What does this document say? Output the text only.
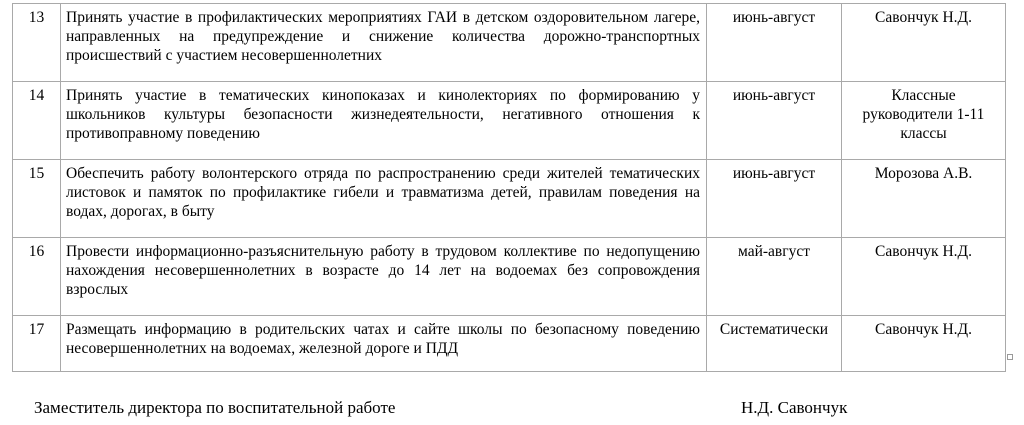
13	Принять участие в профилактических мероприятиях ГАИ в детском оздоровительном лагере, направленных на предупреждение и снижение количества дорожно-транспортных происшествий с участием несовершеннолетних	июнь-август	Савончук Н.Д.
14	Принять участие в тематических кинопоказах и кинолекториях по формированию у школьников культуры безопасности жизнедеятельности, негативного отношения к противоправному поведению	июнь-август	Классные руководители 1-11 классы
15	Обеспечить работу волонтерского отряда по распространению среди жителей тематических листовок и памяток по профилактике гибели и травматизма детей, правилам поведения на водах, дорогах, в быту	июнь-август	Морозова А.В.
16	Провести информационно-разъяснительную работу в трудовом коллективе по недопущению нахождения несовершеннолетних в возрасте до 14 лет на водоемах без сопровождения взрослых	май-август	Савончук Н.Д.
17	Размещать информацию в родительских чатах и сайте школы по безопасному поведению несовершеннолетних на водоемах, железной дороге и ПДД	Систематически	Савончук Н.Д.
Заместитель директора по воспитательной работе	Н.Д. Савончук
